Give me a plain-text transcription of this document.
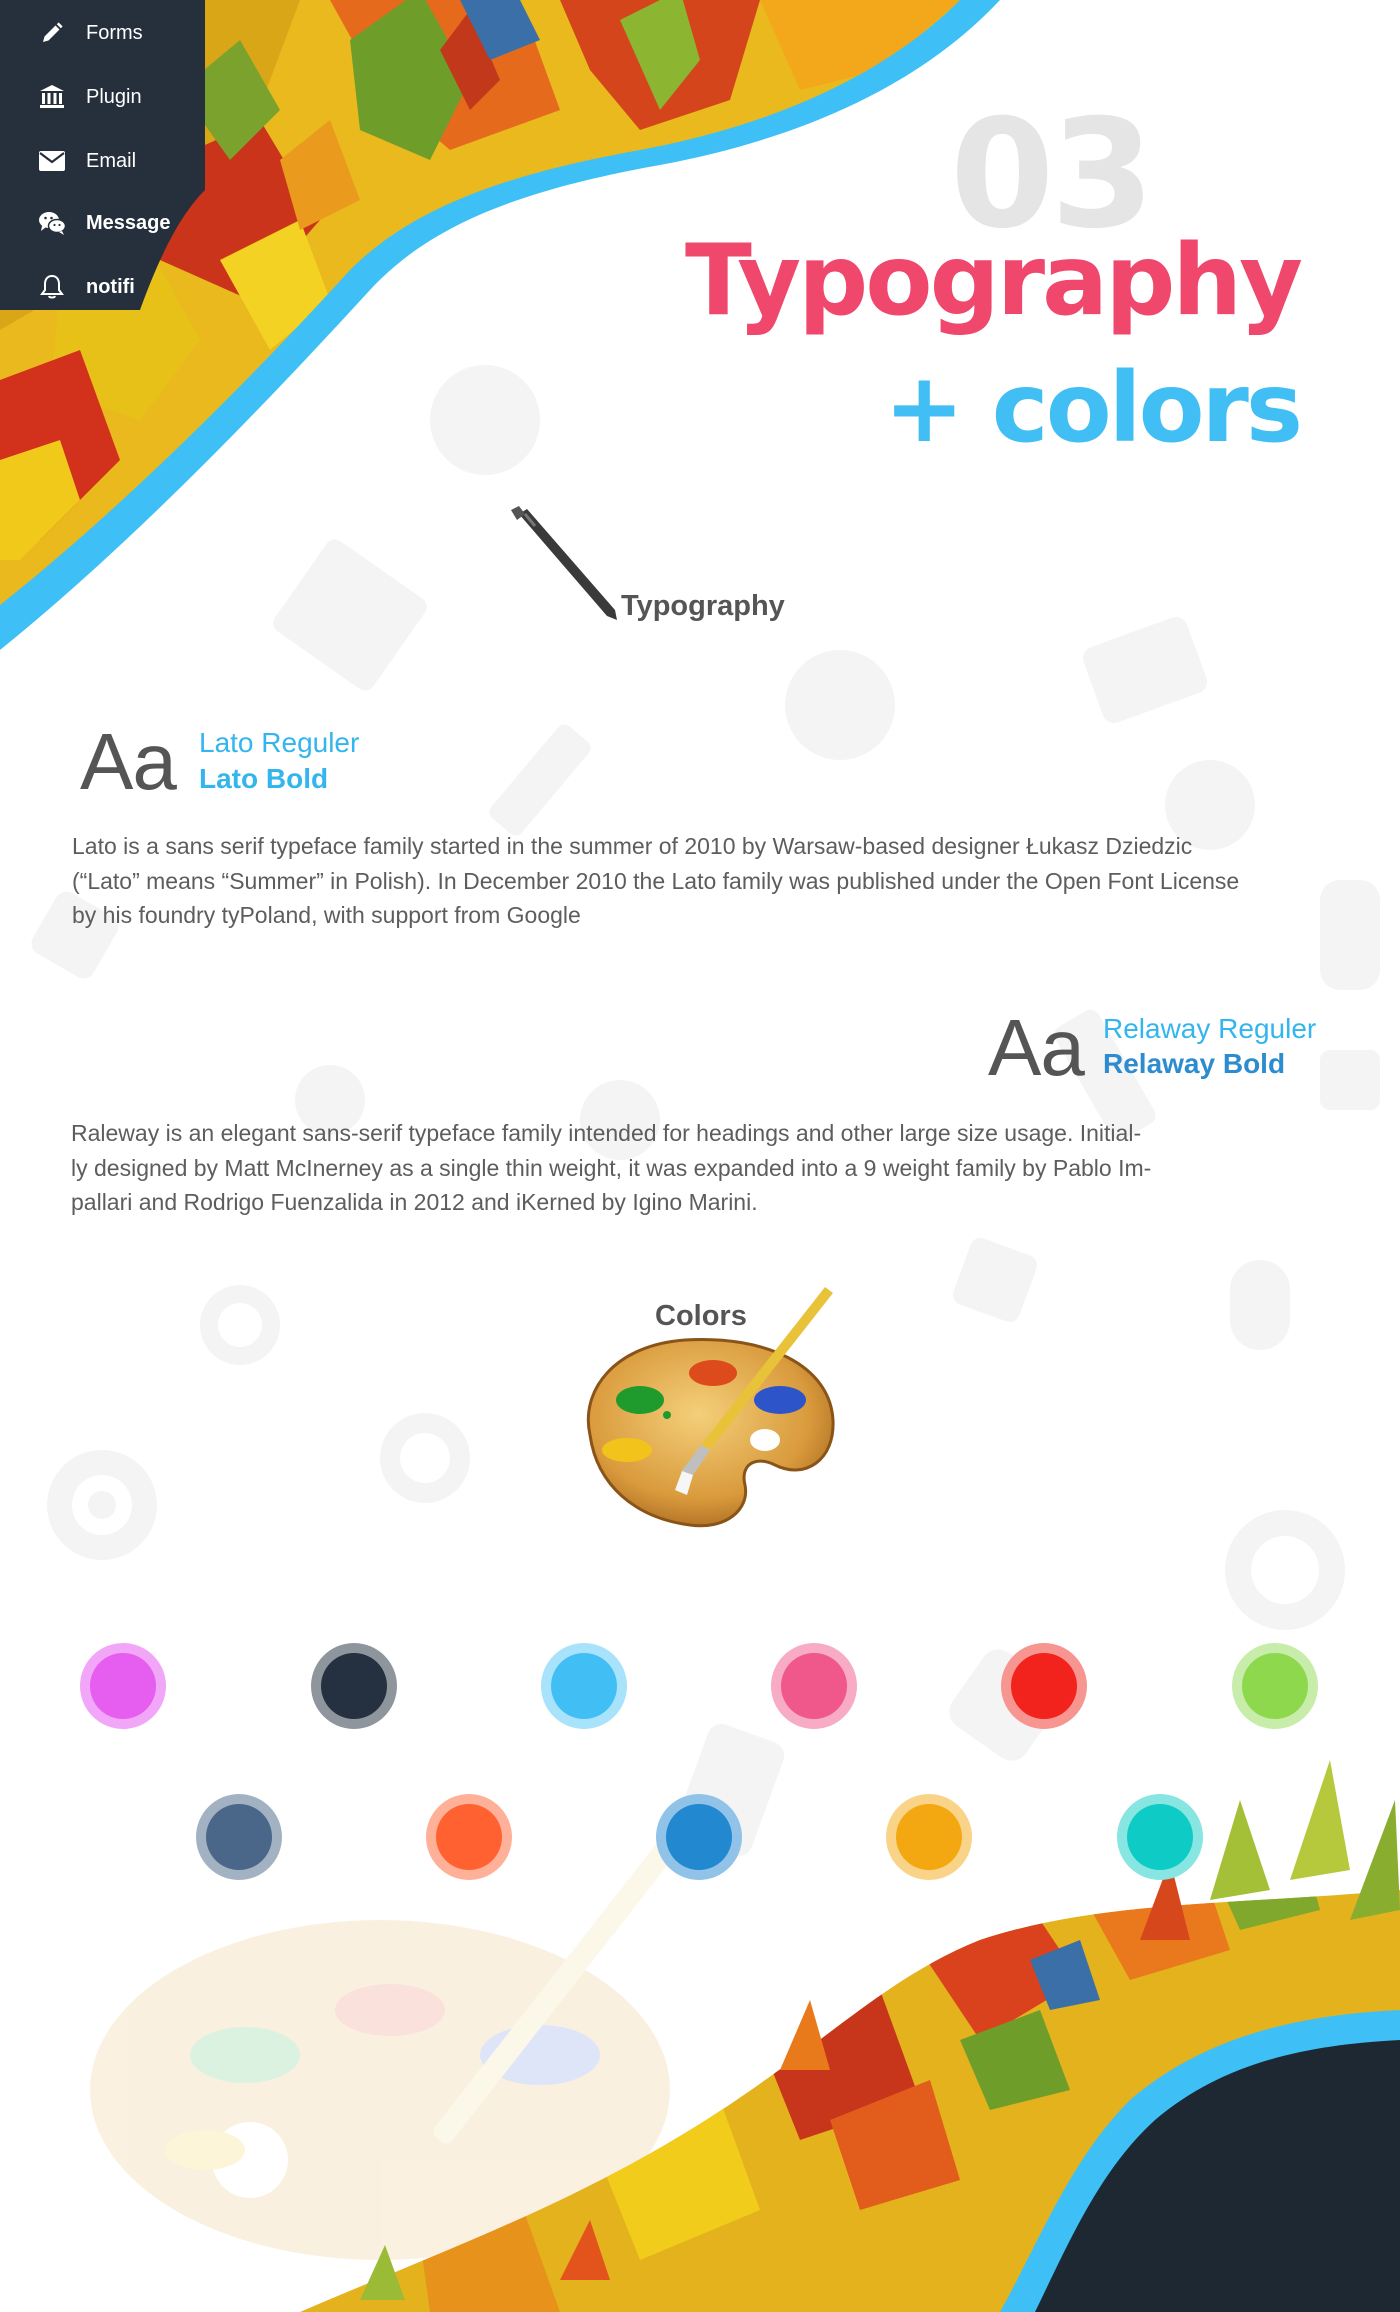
Forms
Plugin
Email
Message
notifi
03
Typography
+ colors
Typography
Aa Lato Reguler
Lato Bold
Lato is a sans serif typeface family started in the summer of 2010 by Warsaw-based designer Łukasz Dziedzic
(“Lato” means “Summer” in Polish). In December 2010 the Lato family was published under the Open Font License
by his foundry tyPoland, with support from Google
Aa Relaway Reguler
Relaway Bold
Raleway is an elegant sans-serif typeface family intended for headings and other large size usage. Initial-
ly designed by Matt McInerney as a single thin weight, it was expanded into a 9 weight family by Pablo Im-
pallari and Rodrigo Fuenzalida in 2012 and iKerned by Igino Marini.
Colors
